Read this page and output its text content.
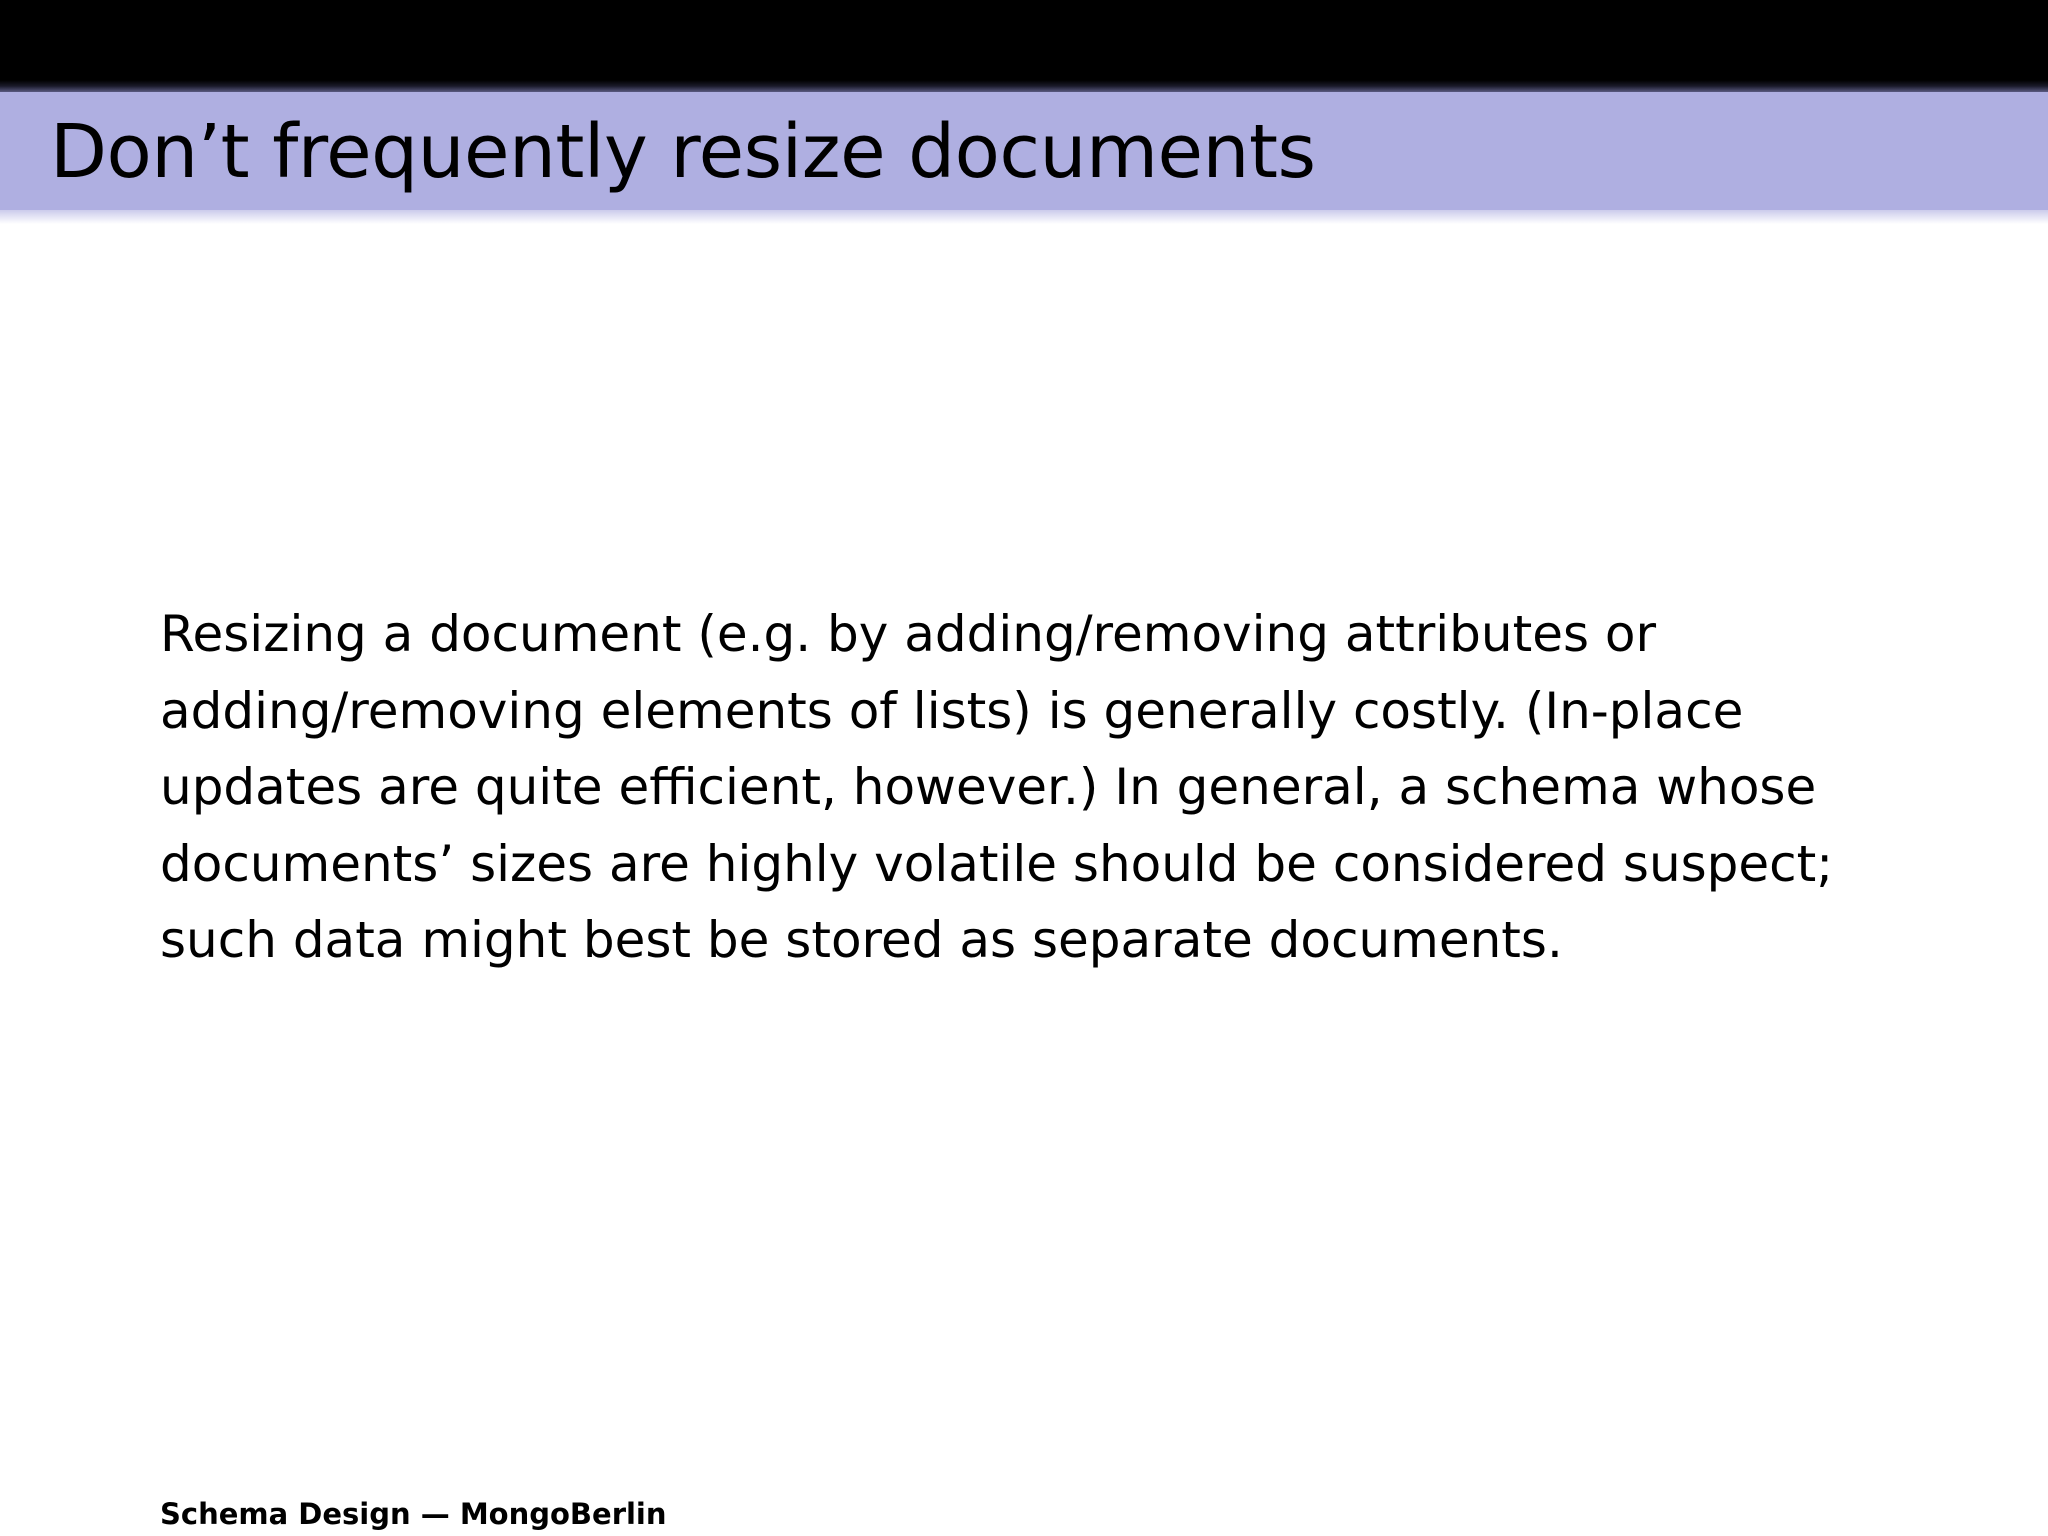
Don’t frequently resize documents

Resizing a document (e.g. by adding/removing attributes or adding/removing elements of lists) is generally costly. (In-place updates are quite efficient, however.) In general, a schema whose documents’ sizes are highly volatile should be considered suspect; such data might best be stored as separate documents.

Schema Design — MongoBerlin
